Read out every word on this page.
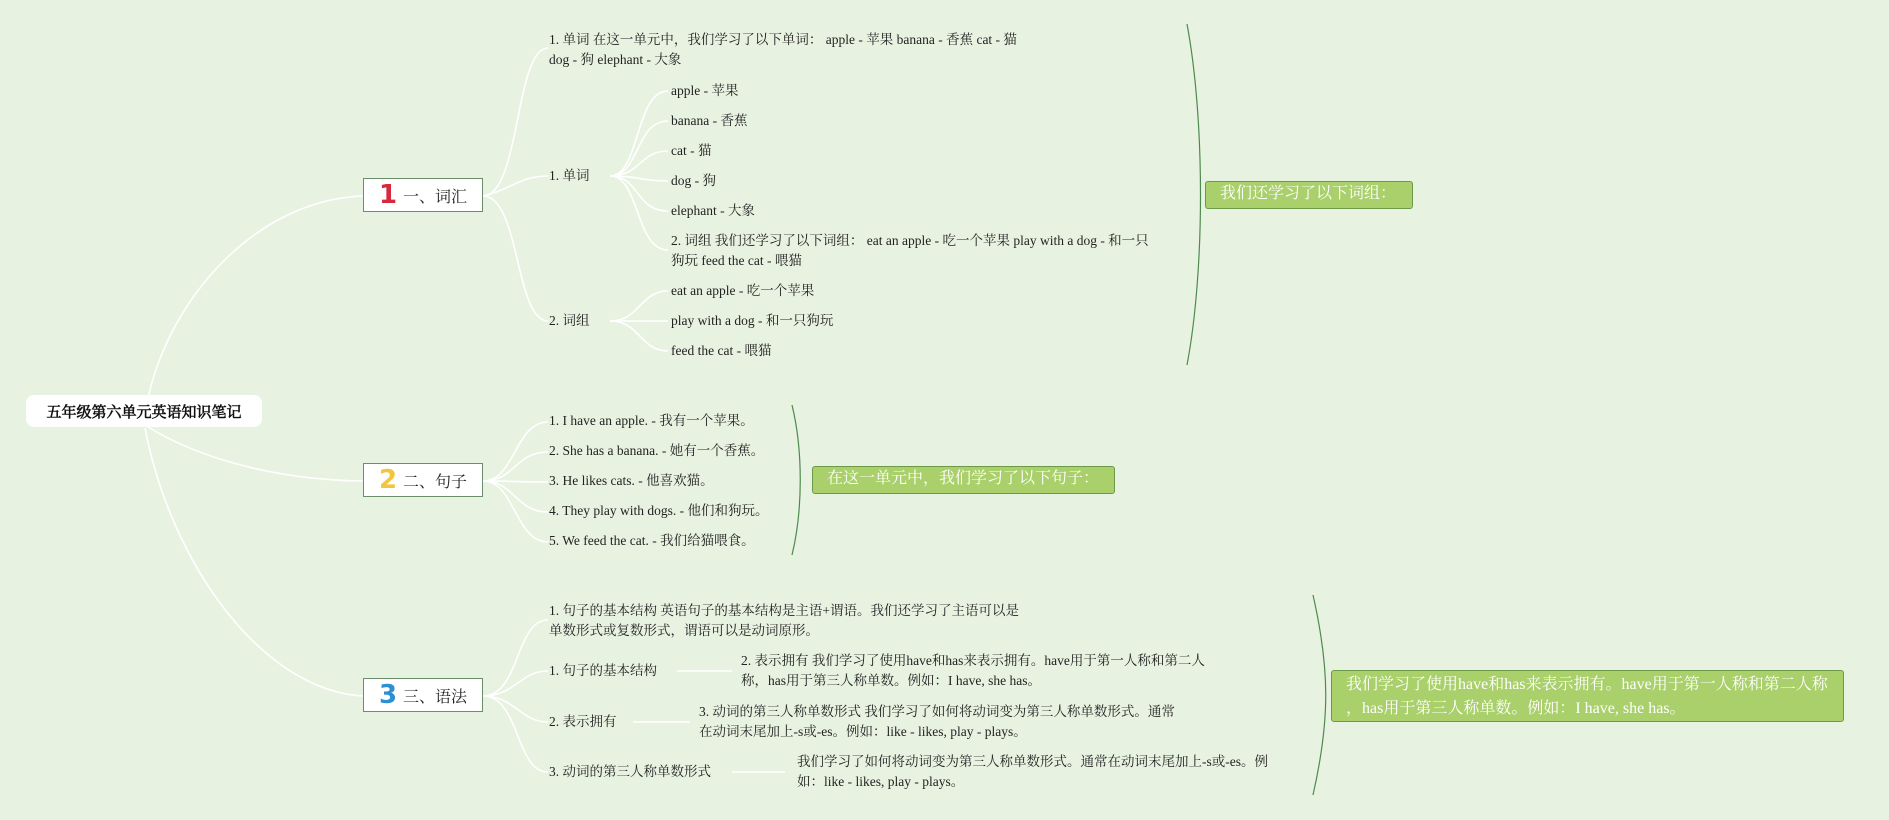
五年级第六单元英语知识笔记
1 一、词汇
2 二、句子
3 三、语法
1. 单词 在这一单元中，我们学习了以下单词： apple - 苹果 banana - 香蕉 cat - 猫
dog - 狗 elephant - 大象
1. 单词
apple - 苹果
banana - 香蕉
cat - 猫
dog - 狗
elephant - 大象
2. 词组 我们还学习了以下词组： eat an apple - 吃一个苹果 play with a dog - 和一只
狗玩 feed the cat - 喂猫
2. 词组
eat an apple - 吃一个苹果
play with a dog - 和一只狗玩
feed the cat - 喂猫
我们还学习了以下词组：
1. I have an apple. - 我有一个苹果。
2. She has a banana. - 她有一个香蕉。
3. He likes cats. - 他喜欢猫。
4. They play with dogs. - 他们和狗玩。
5. We feed the cat. - 我们给猫喂食。
在这一单元中，我们学习了以下句子：
1. 句子的基本结构 英语句子的基本结构是主语+谓语。我们还学习了主语可以是
单数形式或复数形式，谓语可以是动词原形。
1. 句子的基本结构
2. 表示拥有 我们学习了使用have和has来表示拥有。have用于第一人称和第二人
称，has用于第三人称单数。例如：I have, she has。
2. 表示拥有
3. 动词的第三人称单数形式 我们学习了如何将动词变为第三人称单数形式。通常
在动词末尾加上-s或-es。例如：like - likes, play - plays。
3. 动词的第三人称单数形式
我们学习了如何将动词变为第三人称单数形式。通常在动词末尾加上-s或-es。例
如：like - likes, play - plays。
我们学习了使用have和has来表示拥有。have用于第一人称和第二人称
，has用于第三人称单数。例如：I have, she has。
